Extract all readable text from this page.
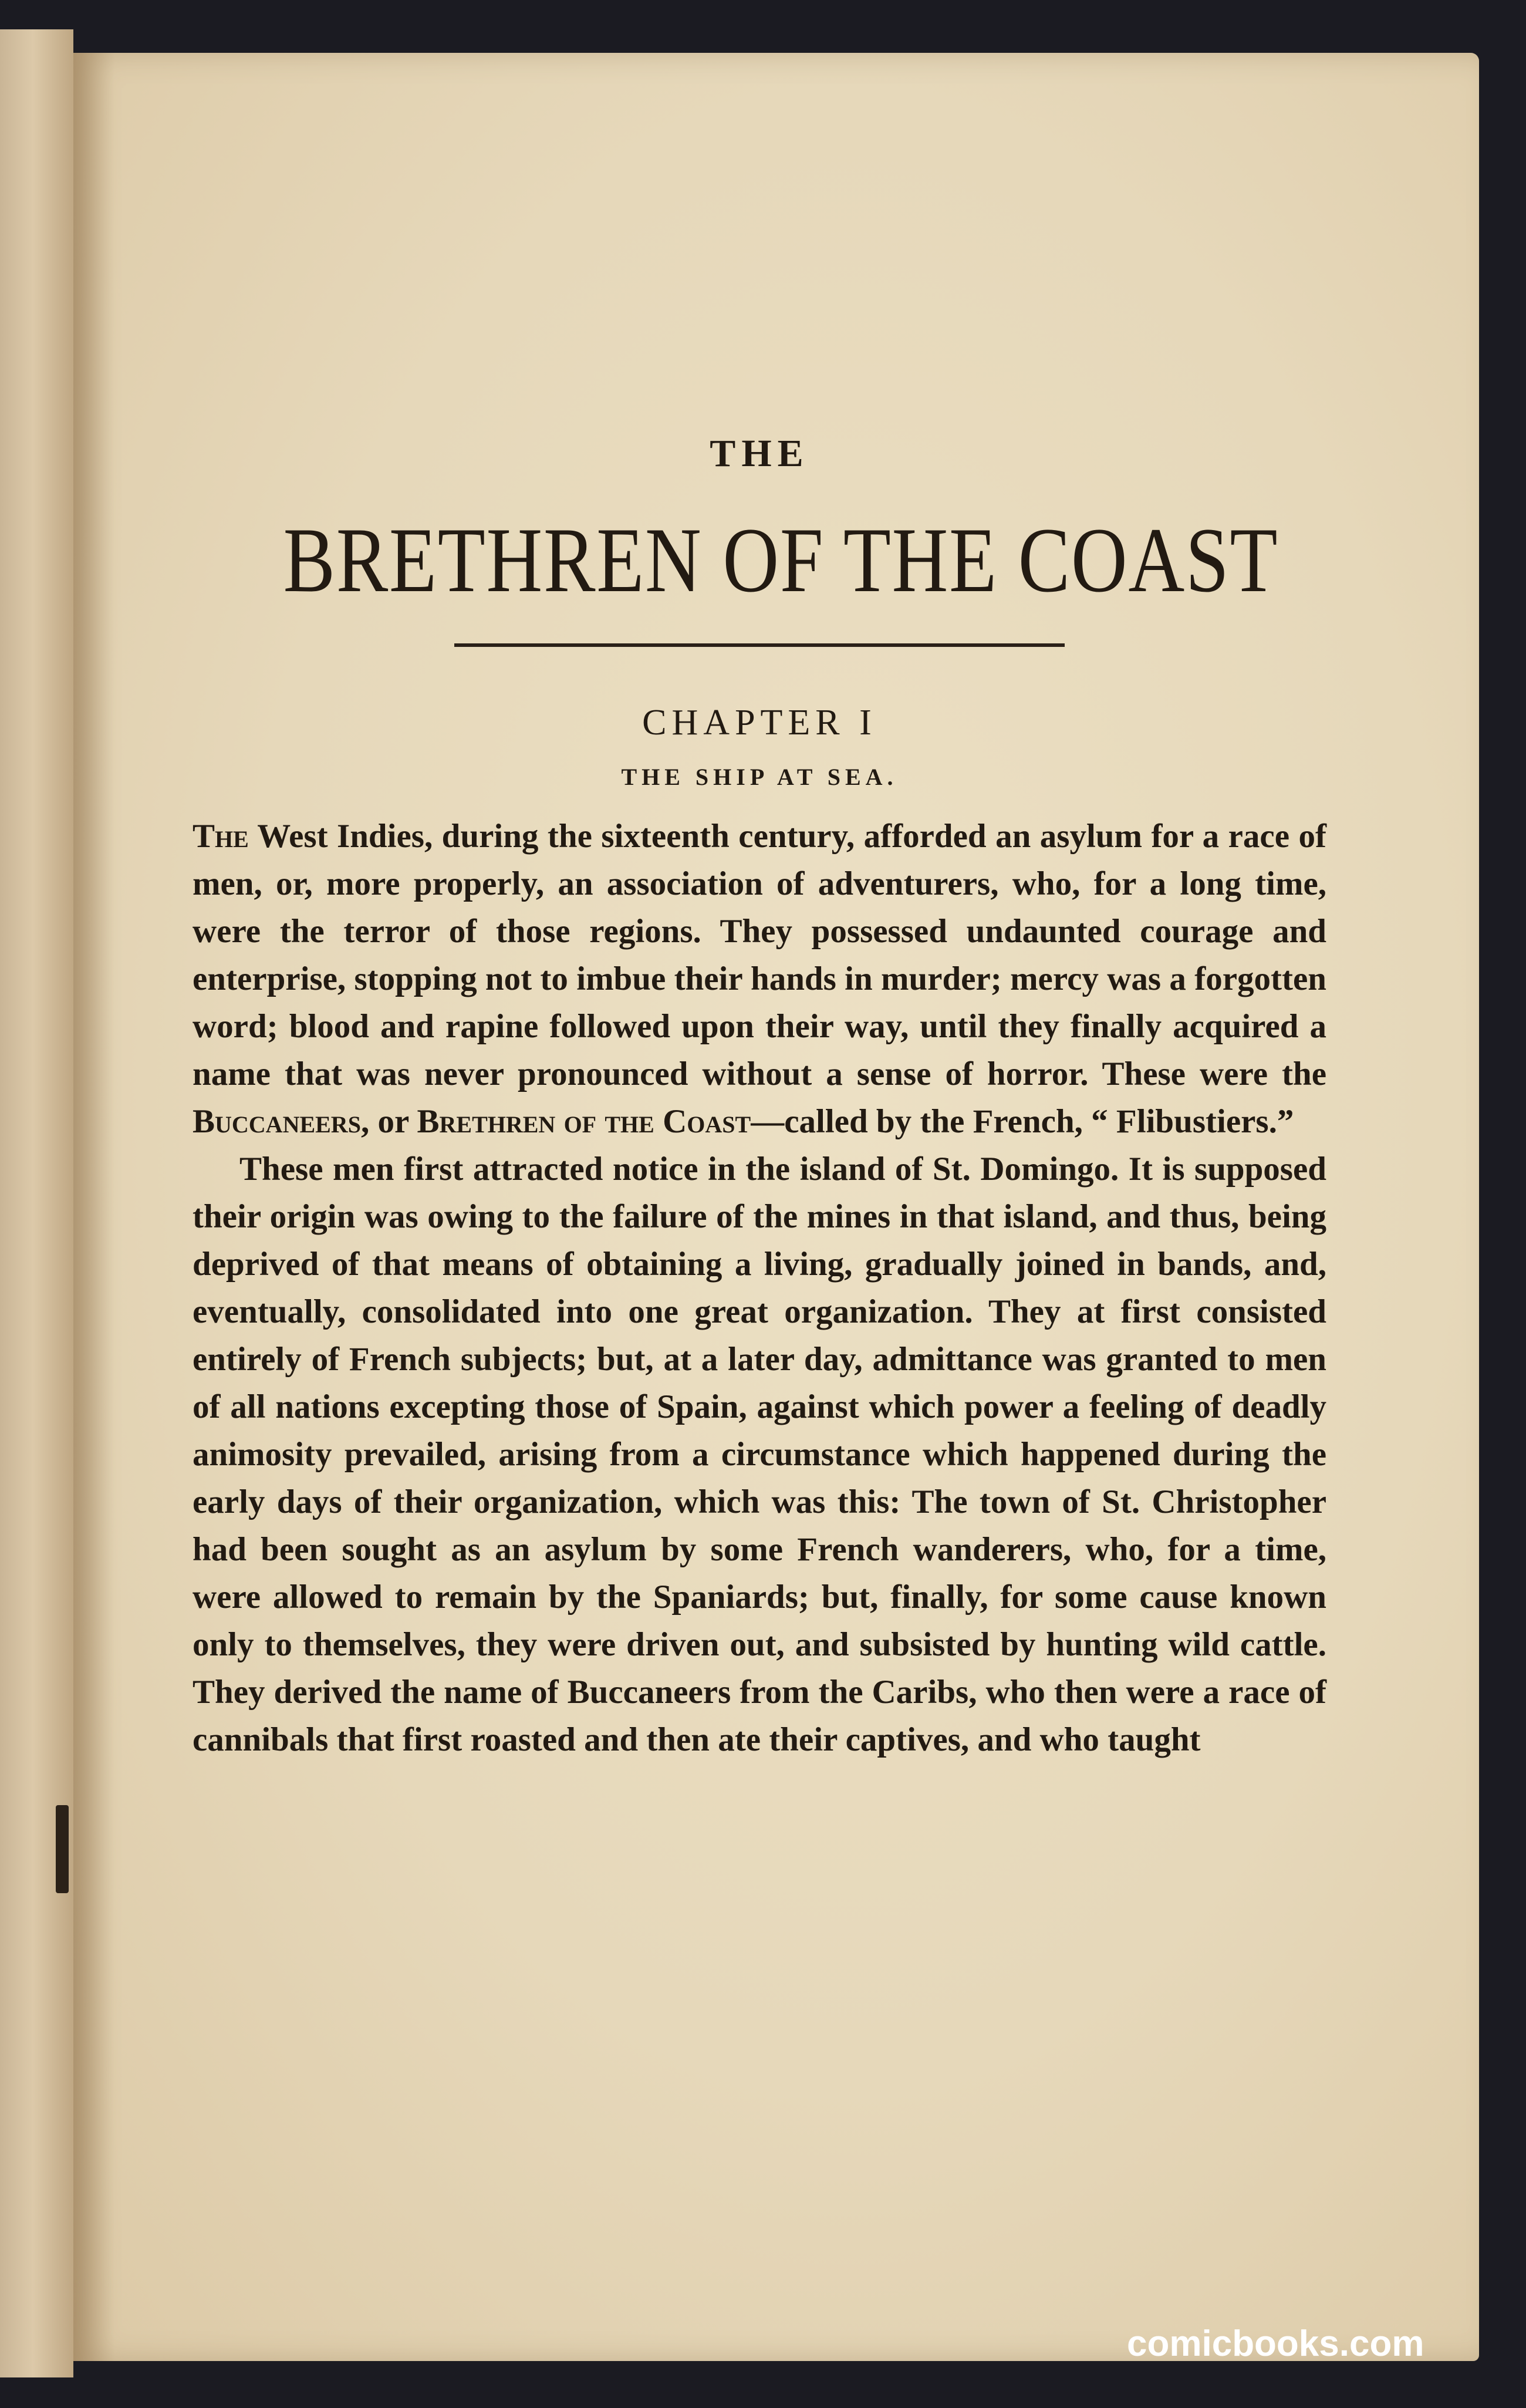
THE
BRETHREN OF THE COAST
CHAPTER I
THE SHIP AT SEA.

The West Indies, during the sixteenth century, afforded an asylum for a race of men, or, more properly, an association of adventurers, who, for a long time, were the terror of those regions. They possessed undaunted courage and enterprise, stopping not to imbue their hands in murder; mercy was a forgotten word; blood and rapine followed upon their way, until they finally acquired a name that was never pronounced without a sense of horror. These were the Buccaneers, or Brethren of the Coast—called by the French, “ Flibustiers.”

These men first attracted notice in the island of St. Domingo. It is supposed their origin was owing to the failure of the mines in that island, and thus, being deprived of that means of obtaining a living, gradually joined in bands, and, eventually, consolidated into one great organization. They at first consisted entirely of French subjects; but, at a later day, admittance was granted to men of all nations excepting those of Spain, against which power a feeling of deadly animosity prevailed, arising from a circumstance which happened during the early days of their organization, which was this: The town of St. Christopher had been sought as an asylum by some French wanderers, who, for a time, were allowed to remain by the Spaniards; but, finally, for some cause known only to themselves, they were driven out, and subsisted by hunting wild cattle. They derived the name of Buccaneers from the Caribs, who then were a race of cannibals that first roasted and then ate their captives, and who taught

comicbooks.com
